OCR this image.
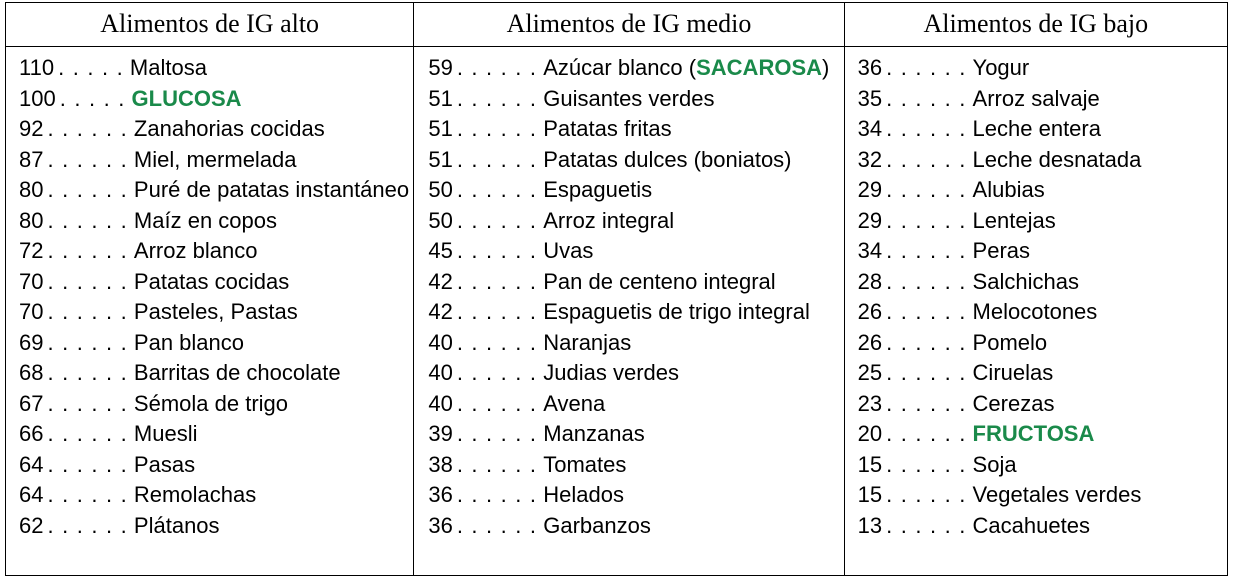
Alimentos de IG alto
110 . . . . . Maltosa
100 . . . . . GLUCOSA
92 . . . . . . Zanahorias cocidas
87 . . . . . . Miel, mermelada
80 . . . . . . Puré de patatas instantáneo
80 . . . . . . Maíz en copos
72 . . . . . . Arroz blanco
70 . . . . . . Patatas cocidas
70 . . . . . . Pasteles, Pastas
69 . . . . . . Pan blanco
68 . . . . . . Barritas de chocolate
67 . . . . . . Sémola de trigo
66 . . . . . . Muesli
64 . . . . . . Pasas
64 . . . . . . Remolachas
62 . . . . . . Plátanos
Alimentos de IG medio
59 . . . . . . Azúcar blanco (SACAROSA)
51 . . . . . . Guisantes verdes
51 . . . . . . Patatas fritas
51 . . . . . . Patatas dulces (boniatos)
50 . . . . . . Espaguetis
50 . . . . . . Arroz integral
45 . . . . . . Uvas
42 . . . . . . Pan de centeno integral
42 . . . . . . Espaguetis de trigo integral
40 . . . . . . Naranjas
40 . . . . . . Judias verdes
40 . . . . . . Avena
39 . . . . . . Manzanas
38 . . . . . . Tomates
36 . . . . . . Helados
36 . . . . . . Garbanzos
Alimentos de IG bajo
36 . . . . . . Yogur
35 . . . . . . Arroz salvaje
34 . . . . . . Leche entera
32 . . . . . . Leche desnatada
29 . . . . . . Alubias
29 . . . . . . Lentejas
34 . . . . . . Peras
28 . . . . . . Salchichas
26 . . . . . . Melocotones
26 . . . . . . Pomelo
25 . . . . . . Ciruelas
23 . . . . . . Cerezas
20 . . . . . . FRUCTOSA
15 . . . . . . Soja
15 . . . . . . Vegetales verdes
13 . . . . . . Cacahuetes
